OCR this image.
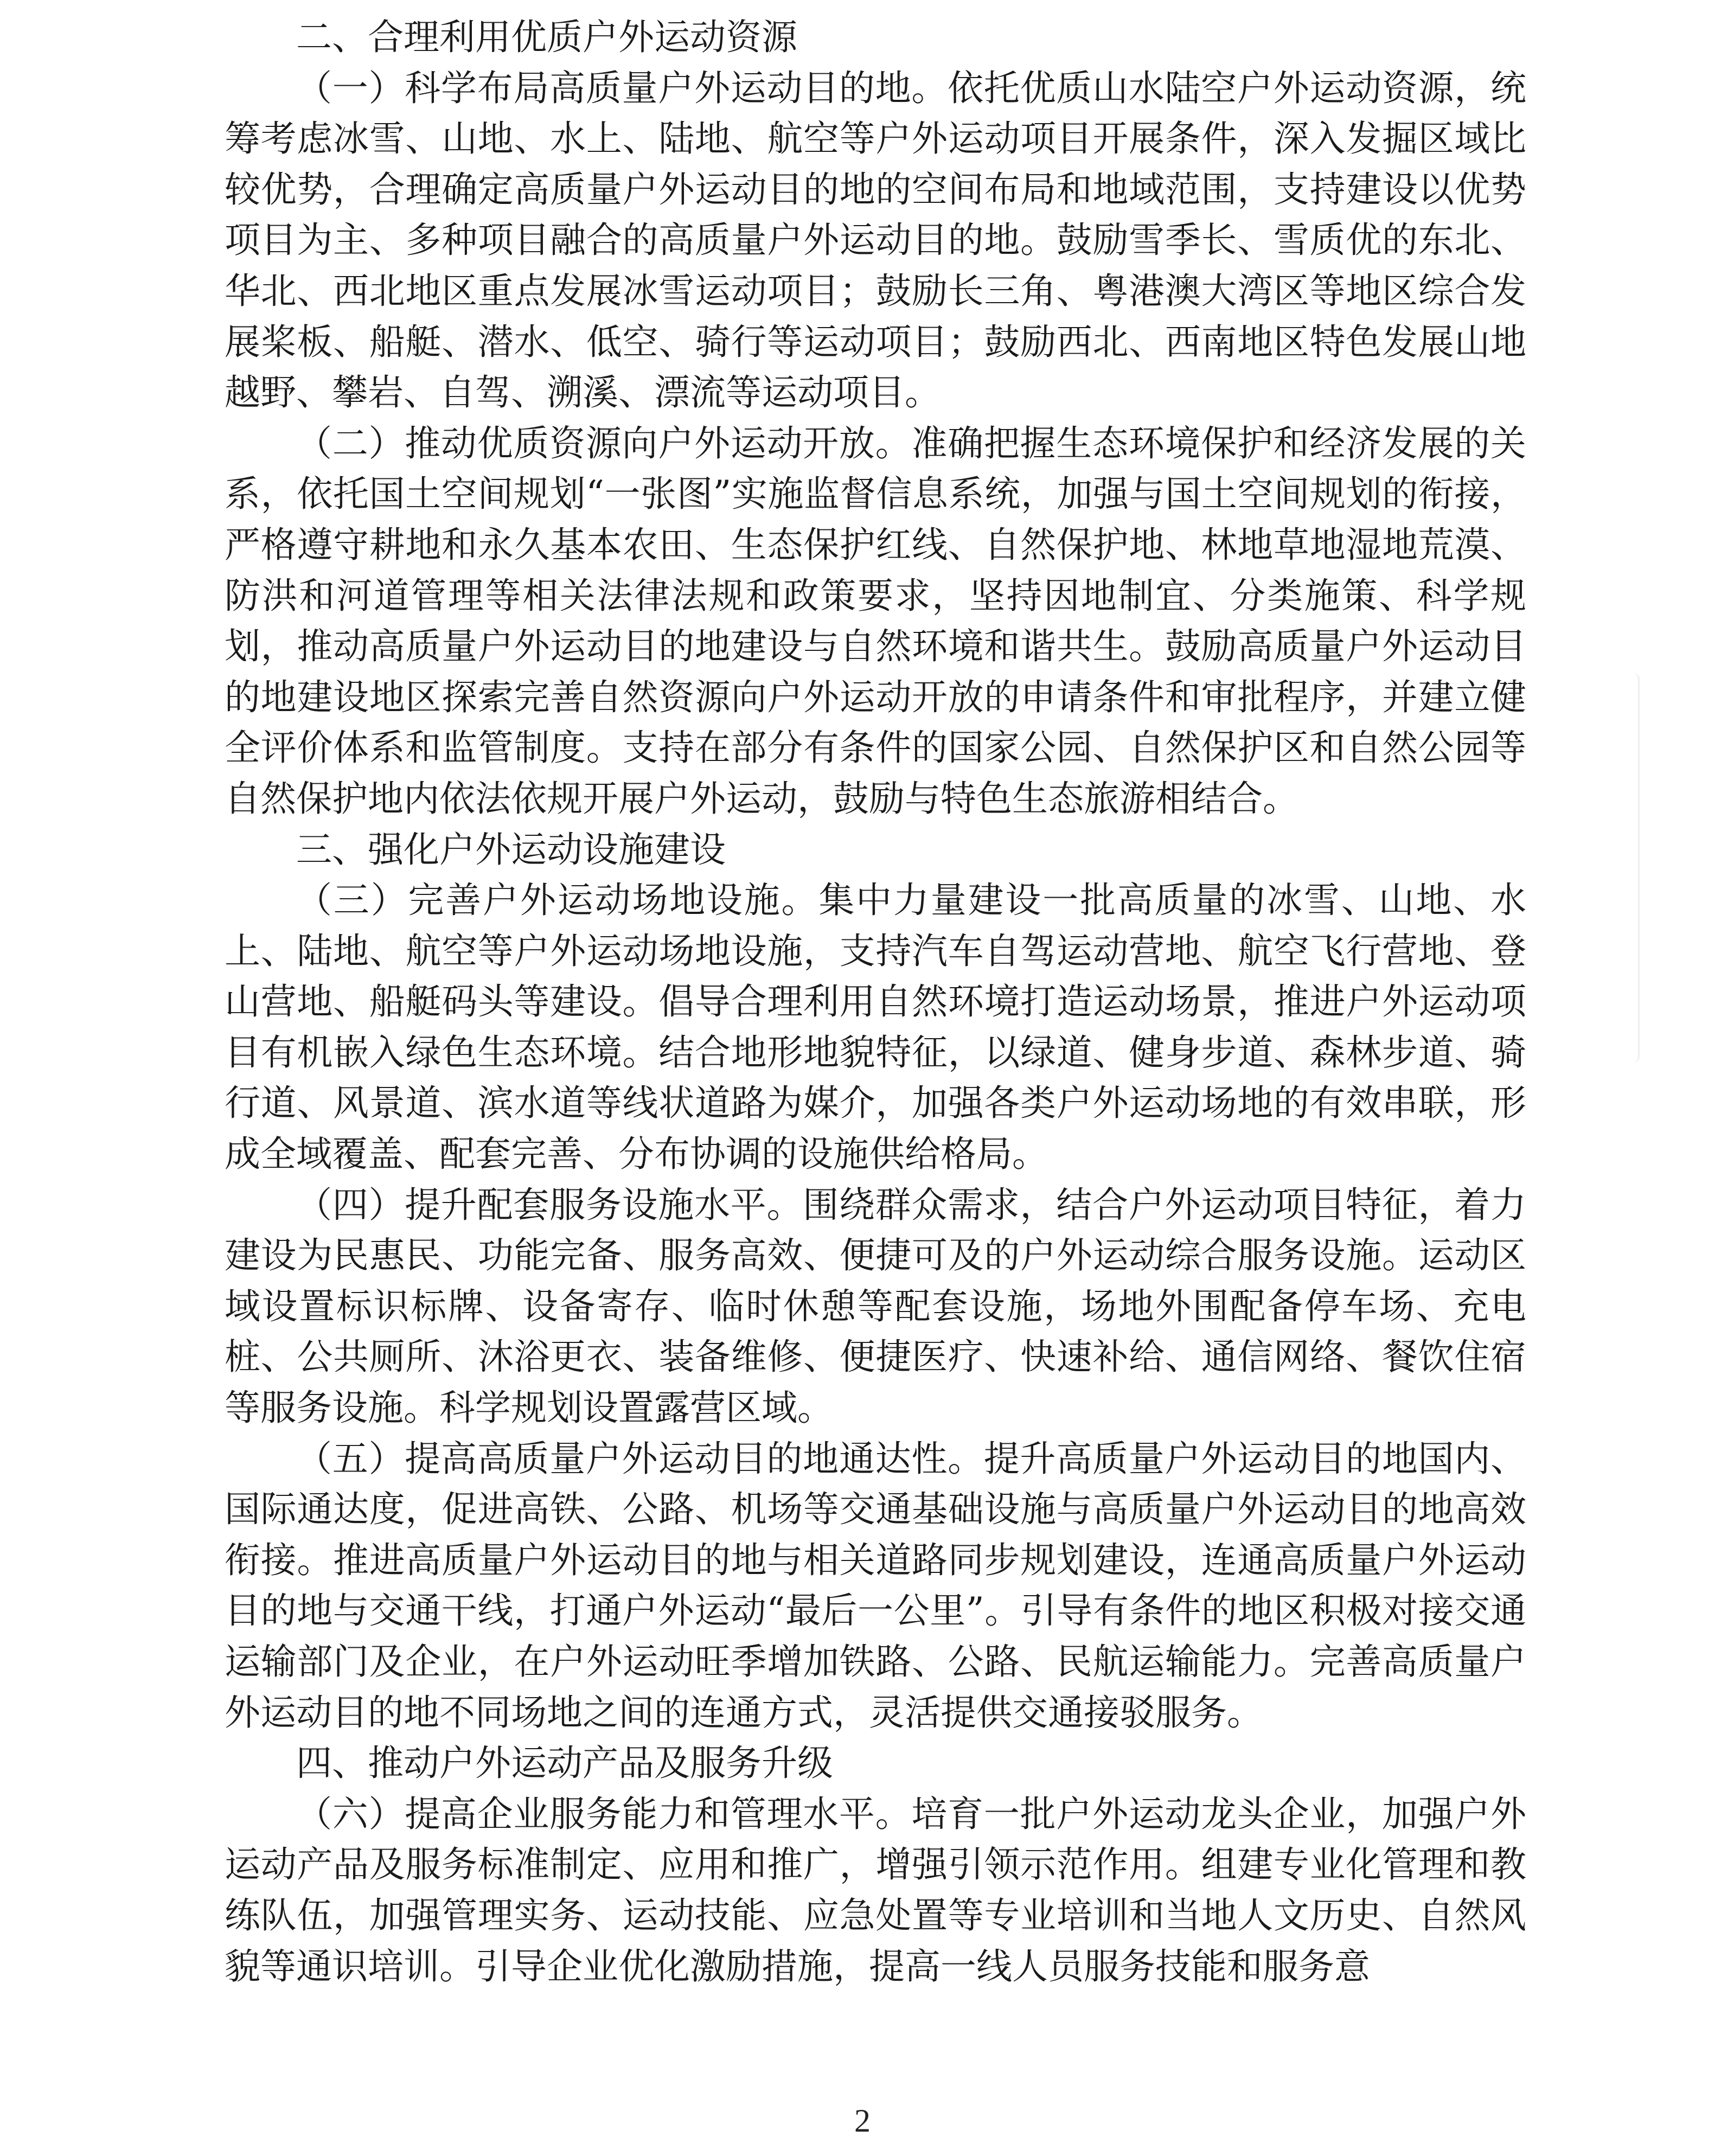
二、合理利用优质户外运动资源

（一）科学布局高质量户外运动目的地。依托优质山水陆空户外运动资源，统筹考虑冰雪、山地、水上、陆地、航空等户外运动项目开展条件，深入发掘区域比较优势，合理确定高质量户外运动目的地的空间布局和地域范围，支持建设以优势项目为主、多种项目融合的高质量户外运动目的地。鼓励雪季长、雪质优的东北、华北、西北地区重点发展冰雪运动项目；鼓励长三角、粤港澳大湾区等地区综合发展桨板、船艇、潜水、低空、骑行等运动项目；鼓励西北、西南地区特色发展山地越野、攀岩、自驾、溯溪、漂流等运动项目。

（二）推动优质资源向户外运动开放。准确把握生态环境保护和经济发展的关系，依托国土空间规划“一张图”实施监督信息系统，加强与国土空间规划的衔接，严格遵守耕地和永久基本农田、生态保护红线、自然保护地、林地草地湿地荒漠、防洪和河道管理等相关法律法规和政策要求，坚持因地制宜、分类施策、科学规划，推动高质量户外运动目的地建设与自然环境和谐共生。鼓励高质量户外运动目的地建设地区探索完善自然资源向户外运动开放的申请条件和审批程序，并建立健全评价体系和监管制度。支持在部分有条件的国家公园、自然保护区和自然公园等自然保护地内依法依规开展户外运动，鼓励与特色生态旅游相结合。

三、强化户外运动设施建设

（三）完善户外运动场地设施。集中力量建设一批高质量的冰雪、山地、水上、陆地、航空等户外运动场地设施，支持汽车自驾运动营地、航空飞行营地、登山营地、船艇码头等建设。倡导合理利用自然环境打造运动场景，推进户外运动项目有机嵌入绿色生态环境。结合地形地貌特征，以绿道、健身步道、森林步道、骑行道、风景道、滨水道等线状道路为媒介，加强各类户外运动场地的有效串联，形成全域覆盖、配套完善、分布协调的设施供给格局。

（四）提升配套服务设施水平。围绕群众需求，结合户外运动项目特征，着力建设为民惠民、功能完备、服务高效、便捷可及的户外运动综合服务设施。运动区域设置标识标牌、设备寄存、临时休憩等配套设施，场地外围配备停车场、充电桩、公共厕所、沐浴更衣、装备维修、便捷医疗、快速补给、通信网络、餐饮住宿等服务设施。科学规划设置露营区域。

（五）提高高质量户外运动目的地通达性。提升高质量户外运动目的地国内、国际通达度，促进高铁、公路、机场等交通基础设施与高质量户外运动目的地高效衔接。推进高质量户外运动目的地与相关道路同步规划建设，连通高质量户外运动目的地与交通干线，打通户外运动“最后一公里”。引导有条件的地区积极对接交通运输部门及企业，在户外运动旺季增加铁路、公路、民航运输能力。完善高质量户外运动目的地不同场地之间的连通方式，灵活提供交通接驳服务。

四、推动户外运动产品及服务升级

（六）提高企业服务能力和管理水平。培育一批户外运动龙头企业，加强户外运动产品及服务标准制定、应用和推广，增强引领示范作用。组建专业化管理和教练队伍，加强管理实务、运动技能、应急处置等专业培训和当地人文历史、自然风貌等通识培训。引导企业优化激励措施，提高一线人员服务技能和服务意

2
